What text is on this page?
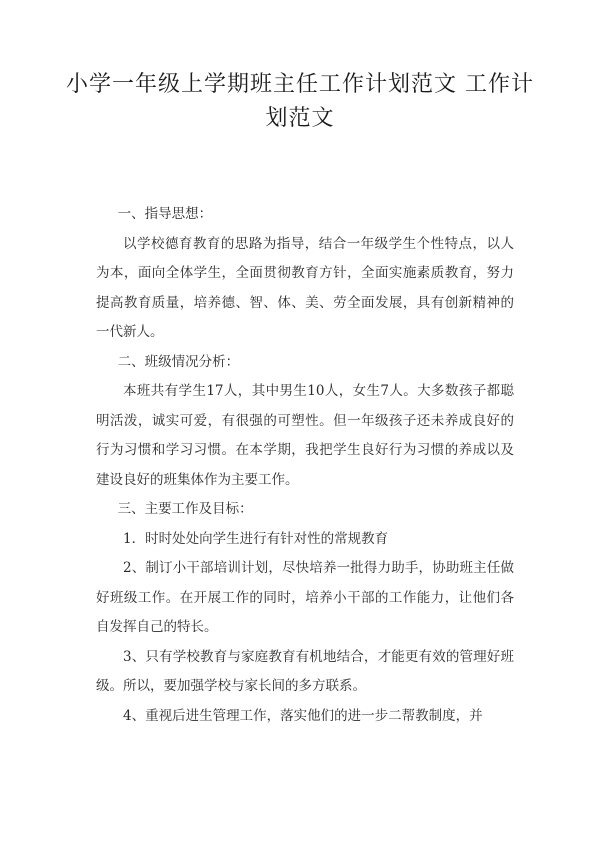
小学一年级上学期班主任工作计划范文 工作计划范文

一、指导思想：

以学校德育教育的思路为指导，结合一年级学生个性特点，以人为本，面向全体学生，全面贯彻教育方针，全面实施素质教育，努力提高教育质量，培养德、智、体、美、劳全面发展，具有创新精神的一代新人。

二、班级情况分析：

本班共有学生17人，其中男生10人，女生7人。大多数孩子都聪明活泼，诚实可爱，有很强的可塑性。但一年级孩子还未养成良好的行为习惯和学习习惯。在本学期，我把学生良好行为习惯的养成以及建设良好的班集体作为主要工作。

三、主要工作及目标：

1．时时处处向学生进行有针对性的常规教育

2、制订小干部培训计划，尽快培养一批得力助手，协助班主任做好班级工作。在开展工作的同时，培养小干部的工作能力，让他们各自发挥自己的特长。

3、只有学校教育与家庭教育有机地结合，才能更有效的管理好班级。所以，要加强学校与家长间的多方联系。

4、重视后进生管理工作，落实他们的进一步二帮教制度，并
